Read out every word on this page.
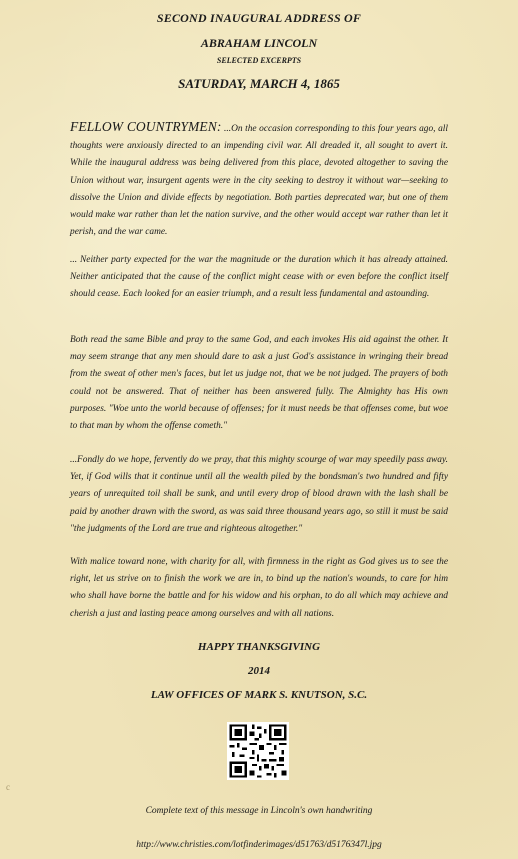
SECOND INAUGURAL ADDRESS OF
ABRAHAM LINCOLN
SELECTED EXCERPTS
SATURDAY, MARCH 4, 1865

FELLOW COUNTRYMEN: ...On the occasion corresponding to this four years ago, all thoughts were anxiously directed to an impending civil war. All dreaded it, all sought to avert it. While the inaugural address was being delivered from this place, devoted altogether to saving the Union without war, insurgent agents were in the city seeking to destroy it without war—seeking to dissolve the Union and divide effects by negotiation. Both parties deprecated war, but one of them would make war rather than let the nation survive, and the other would accept war rather than let it perish, and the war came.

... Neither party expected for the war the magnitude or the duration which it has already attained. Neither anticipated that the cause of the conflict might cease with or even before the conflict itself should cease. Each looked for an easier triumph, and a result less fundamental and astounding.

Both read the same Bible and pray to the same God, and each invokes His aid against the other. It may seem strange that any men should dare to ask a just God's assistance in wringing their bread from the sweat of other men's faces, but let us judge not, that we be not judged. The prayers of both could not be answered. That of neither has been answered fully. The Almighty has His own purposes. "Woe unto the world because of offenses; for it must needs be that offenses come, but woe to that man by whom the offense cometh."

...Fondly do we hope, fervently do we pray, that this mighty scourge of war may speedily pass away. Yet, if God wills that it continue until all the wealth piled by the bondsman's two hundred and fifty years of unrequited toil shall be sunk, and until every drop of blood drawn with the lash shall be paid by another drawn with the sword, as was said three thousand years ago, so still it must be said "the judgments of the Lord are true and righteous altogether."

With malice toward none, with charity for all, with firmness in the right as God gives us to see the right, let us strive on to finish the work we are in, to bind up the nation's wounds, to care for him who shall have borne the battle and for his widow and his orphan, to do all which may achieve and cherish a just and lasting peace among ourselves and with all nations.

HAPPY THANKSGIVING
2014
LAW OFFICES OF MARK S. KNUTSON, S.C.
c
Complete text of this message in Lincoln's own handwriting
http://www.christies.com/lotfinderimages/d51763/d5176347l.jpg
